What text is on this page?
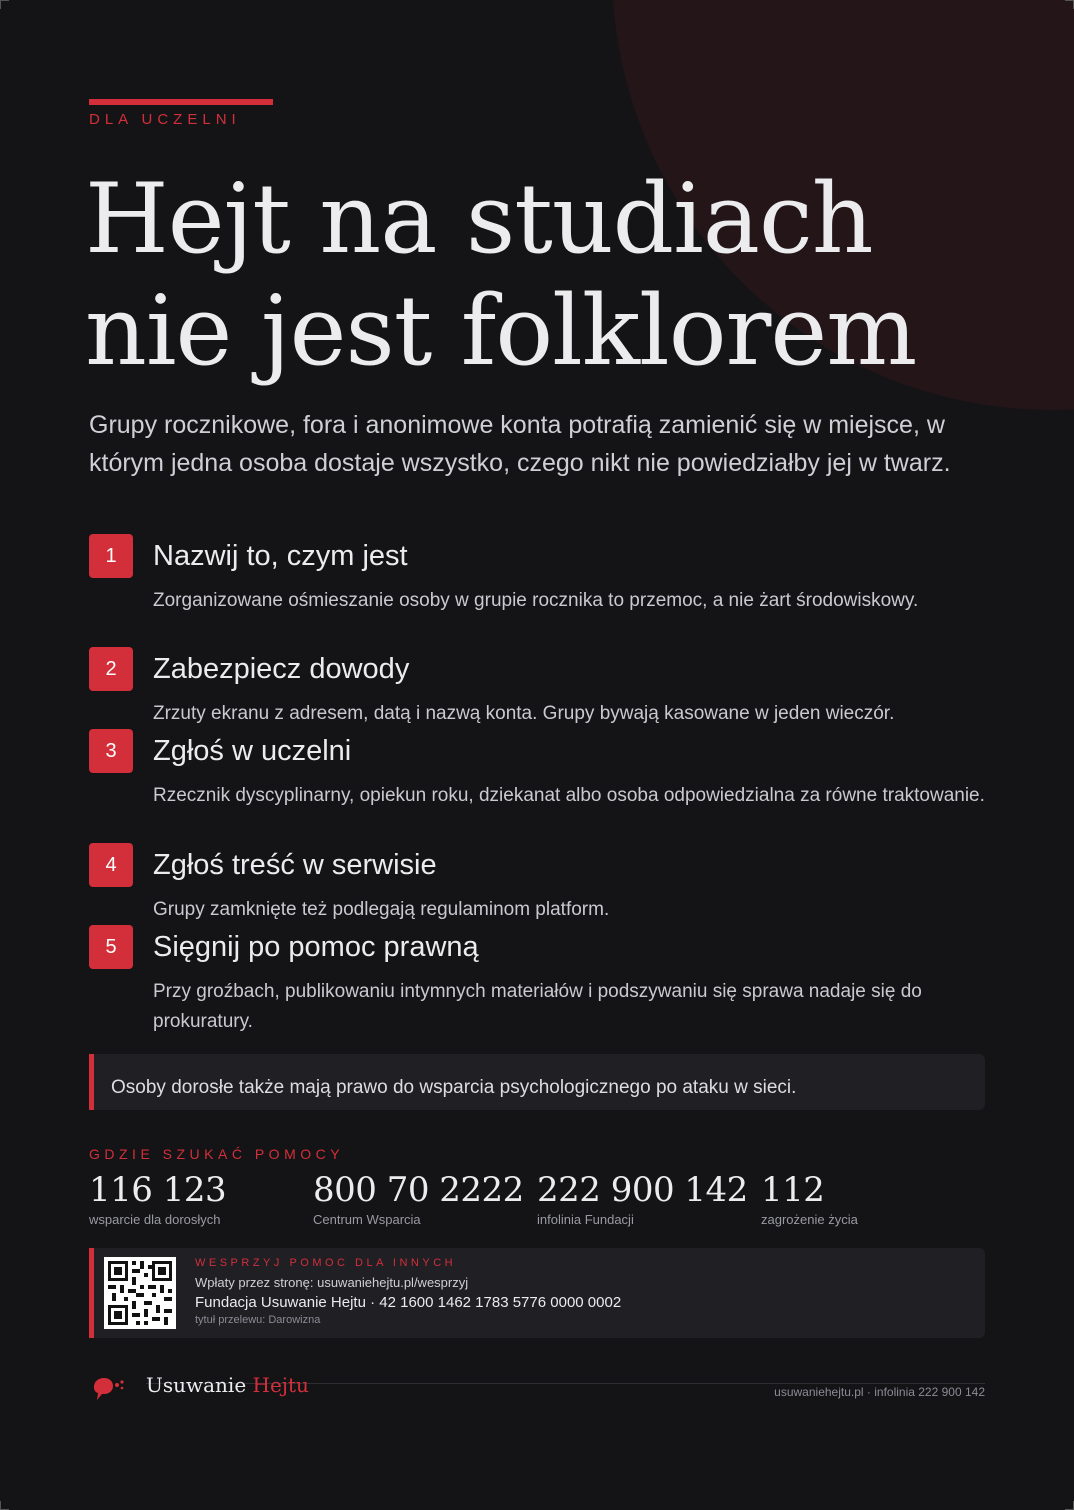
DLA UCZELNI
Hejt na studiach
nie jest folklorem

Grupy rocznikowe, fora i anonimowe konta potrafią zamienić się w miejsce, w którym jedna osoba dostaje wszystko, czego nikt nie powiedziałby jej w twarz.

1	Nazwij to, czym jest
Zorganizowane ośmieszanie osoby w grupie rocznika to przemoc, a nie żart środowiskowy.
2	Zabezpiecz dowody
Zrzuty ekranu z adresem, datą i nazwą konta. Grupy bywają kasowane w jeden wieczór.
3	Zgłoś w uczelni
Rzecznik dyscyplinarny, opiekun roku, dziekanat albo osoba odpowiedzialna za równe traktowanie.
4	Zgłoś treść w serwisie
Grupy zamknięte też podlegają regulaminom platform.
5	Sięgnij po pomoc prawną
Przy groźbach, publikowaniu intymnych materiałów i podszywaniu się sprawa nadaje się do prokuratury.
Osoby dorosłe także mają prawo do wsparcia psychologicznego po ataku w sieci.
GDZIE SZUKAĆ POMOCY
116 123
wsparcie dla dorosłych
800 70 2222
Centrum Wsparcia
222 900 142
infolinia Fundacji
112
zagrożenie życia
WESPRZYJ POMOC DLA INNYCH
Wpłaty przez stronę: usuwaniehejtu.pl/wesprzyj
Fundacja Usuwanie Hejtu · 42 1600 1462 1783 5776 0000 0002
tytuł przelewu: Darowizna
Usuwanie Hejtu	usuwaniehejtu.pl · infolinia 222 900 142
